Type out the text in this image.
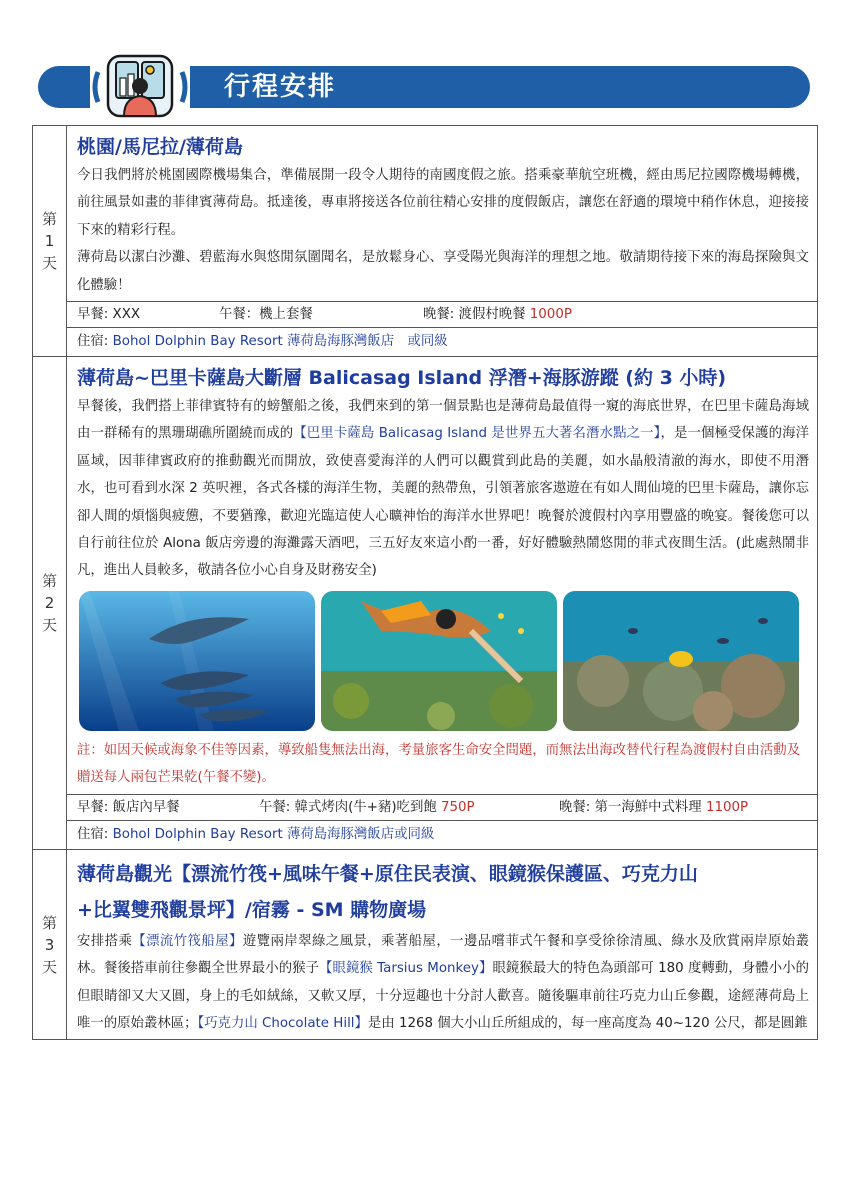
行程安排
第
1
天
桃園/馬尼拉/薄荷島
今日我們將於桃園國際機場集合，準備展開一段令人期待的南國度假之旅。搭乘豪華航空班機，經由馬尼拉國際機場轉機，前往風景如畫的菲律賓薄荷島。抵達後，專車將接送各位前往精心安排的度假飯店，讓您在舒適的環境中稍作休息，迎接接下來的精彩行程。
薄荷島以潔白沙灘、碧藍海水與悠閒氛圍聞名，是放鬆身心、享受陽光與海洋的理想之地。敬請期待接下來的海島探險與文化體驗！
早餐: XXX	午餐：機上套餐	晚餐: 渡假村晚餐 1000P
住宿: Bohol Dolphin Bay Resort 薄荷島海豚灣飯店　或同級
第
2
天
薄荷島~巴里卡薩島大斷層 Balicasag Island 浮潛+海豚游蹤 (約 3 小時)
早餐後，我們搭上菲律賓特有的螃蟹船之後，我們來到的第一個景點也是薄荷島最值得一窺的海底世界，在巴里卡薩島海域由一群稀有的黑珊瑚礁所圍繞而成的【巴里卡薩島 Balicasag Island 是世界五大著名潛水點之一】，是一個極受保護的海洋區域，因菲律賓政府的推動觀光而開放，致使喜愛海洋的人們可以觀賞到此島的美麗，如水晶般清澈的海水，即使不用潛水，也可看到水深 2 英呎裡，各式各樣的海洋生物，美麗的熱帶魚，引領著旅客遨遊在有如人間仙境的巴里卡薩島，讓你忘卻人間的煩惱與疲憊，不要猶豫，歡迎光臨這使人心曠神怡的海洋水世界吧！晚餐於渡假村內享用豐盛的晚宴。餐後您可以自行前往位於 Alona 飯店旁邊的海灘露天酒吧，三五好友來這小酌一番，好好體驗熱鬧悠閒的菲式夜間生活。(此處熱鬧非凡，進出人員較多，敬請各位小心自身及財務安全)
註：如因天候或海象不佳等因素，導致船隻無法出海，考量旅客生命安全問題，而無法出海改替代行程為渡假村自由活動及贈送每人兩包芒果乾(午餐不變)。
早餐: 飯店內早餐	午餐: 韓式烤肉(牛+豬)吃到飽 750P	晚餐: 第一海鮮中式料理 1100P
住宿: Bohol Dolphin Bay Resort 薄荷島海豚灣飯店或同級
第
3
天
薄荷島觀光【漂流竹筏+風味午餐+原住民表演、眼鏡猴保護區、巧克力山
+比翼雙飛觀景坪】/宿霧 - SM 購物廣場
安排搭乘【漂流竹筏船屋】遊覽兩岸翠綠之風景，乘著船屋，一邊品嚐菲式午餐和享受徐徐清風、綠水及欣賞兩岸原始叢林。餐後搭車前往參觀全世界最小的猴子【眼鏡猴 Tarsius Monkey】眼鏡猴最大的特色為頭部可 180 度轉動，身體小小的但眼睛卻又大又圓，身上的毛如絨絲，又軟又厚，十分逗趣也十分討人歡喜。隨後驅車前往巧克力山丘參觀，途經薄荷島上唯一的原始叢林區；【巧克力山 Chocolate Hill】是由 1268 個大小山丘所組成的，每一座高度為 40~120 公尺，都是圓錐
